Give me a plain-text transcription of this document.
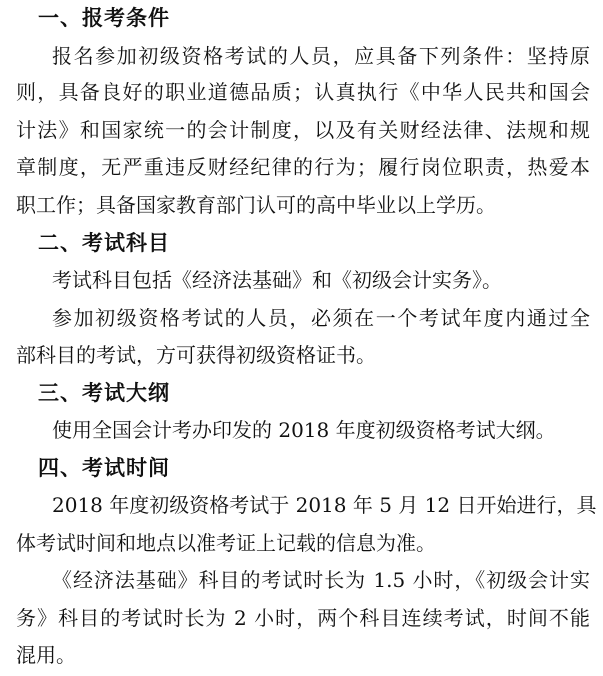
一、报考条件
报名参加初级资格考试的人员，应具备下列条件：坚持原
则，具备良好的职业道德品质；认真执行《中华人民共和国会
计法》和国家统一的会计制度，以及有关财经法律、法规和规
章制度，无严重违反财经纪律的行为；履行岗位职责，热爱本
职工作；具备国家教育部门认可的高中毕业以上学历。
二、考试科目
考试科目包括《经济法基础》和《初级会计实务》。
参加初级资格考试的人员，必须在一个考试年度内通过全
部科目的考试，方可获得初级资格证书。
三、考试大纲
使用全国会计考办印发的 2018 年度初级资格考试大纲。
四、考试时间
2018 年度初级资格考试于 2018 年 5 月 12 日开始进行，具
体考试时间和地点以准考证上记载的信息为准。
《经济法基础》科目的考试时长为 1.5 小时，《初级会计实
务》科目的考试时长为 2 小时，两个科目连续考试，时间不能
混用。
